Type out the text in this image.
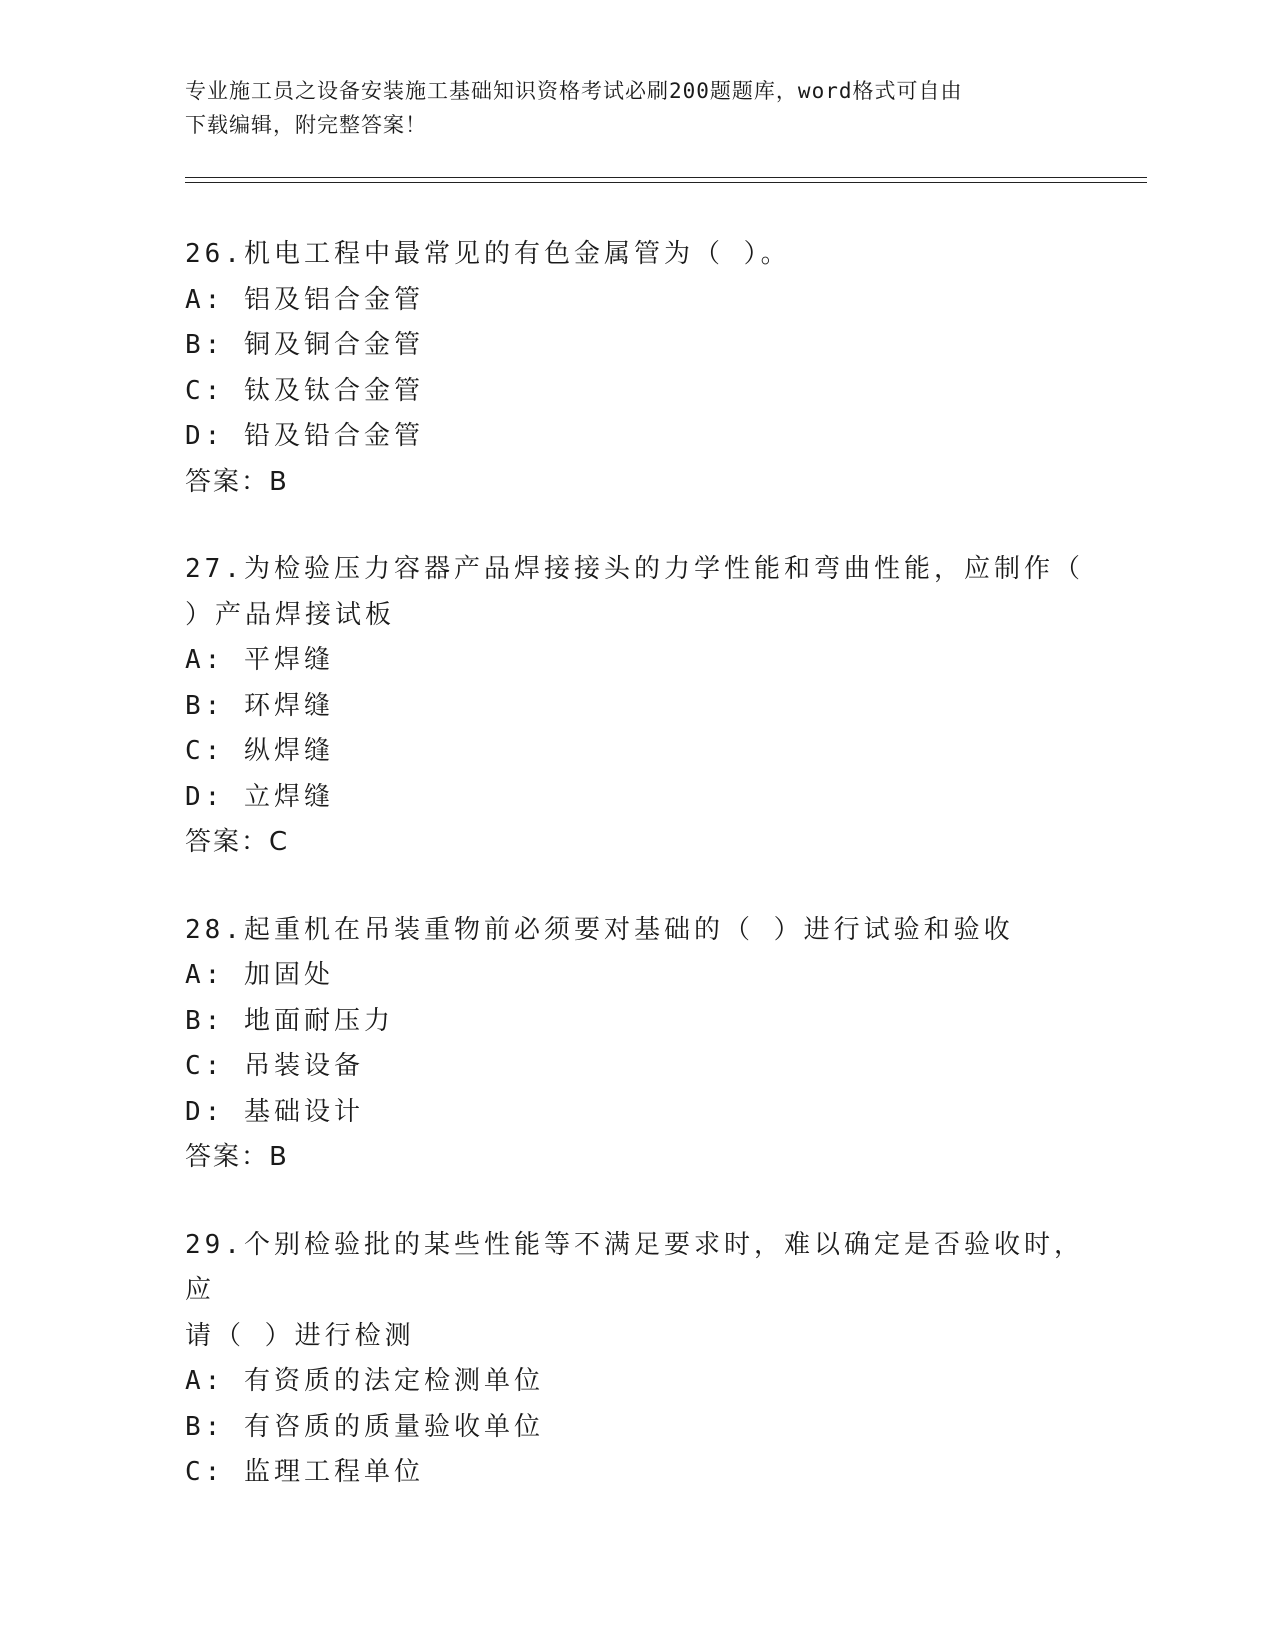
专业施工员之设备安装施工基础知识资格考试必刷200题题库，word格式可自由
下载编辑，附完整答案！
26.机电工程中最常见的有色金属管为（ ）。
A: 铝及铝合金管
B: 铜及铜合金管
C: 钛及钛合金管
D: 铅及铅合金管
答案：B
27.为检验压力容器产品焊接接头的力学性能和弯曲性能，应制作（
）产品焊接试板
A: 平焊缝
B: 环焊缝
C: 纵焊缝
D: 立焊缝
答案：C
28.起重机在吊装重物前必须要对基础的（ ）进行试验和验收
A: 加固处
B: 地面耐压力
C: 吊装设备
D: 基础设计
答案：B
29.个别检验批的某些性能等不满足要求时，难以确定是否验收时，应
请（ ）进行检测
A: 有资质的法定检测单位
B: 有咨质的质量验收单位
C: 监理工程单位
